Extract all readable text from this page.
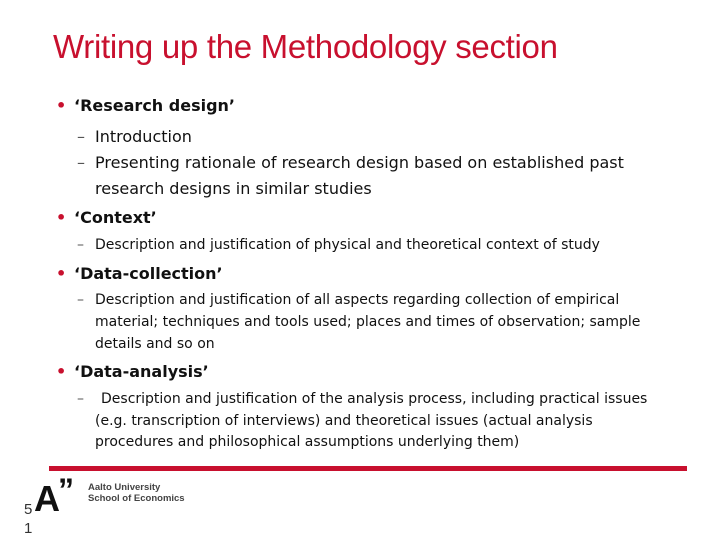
Writing up the Methodology section
• ‘Research design’
– Introduction
– Presenting rationale of research design based on established past
research designs in similar studies
• ‘Context’
– Description and justification of physical and theoretical context of study
• ‘Data-collection’
– Description and justification of all aspects regarding collection of empirical
material; techniques and tools used; places and times of observation; sample
details and so on
• ‘Data-analysis’
– Description and justification of the analysis process, including practical issues
(e.g. transcription of interviews) and theoretical issues (actual analysis
procedures and philosophical assumptions underlying them)
A
” Aalto University
School of Economics
5
1
